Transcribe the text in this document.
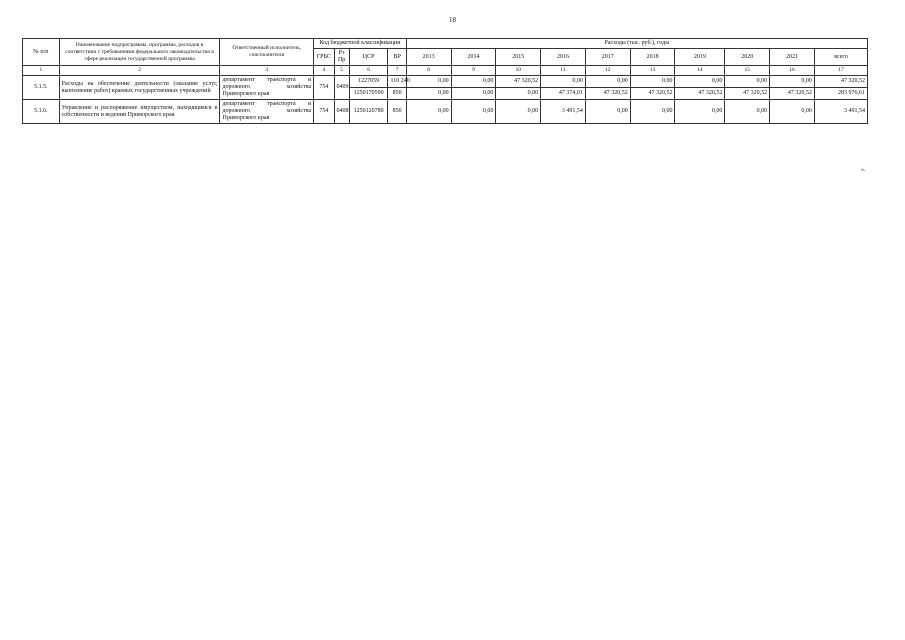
18
№ п/п	Наименование подпрограммы, программы, расходов в соответствии с требованиями федерального законодательства в сфере реализации государственной программы	Ответственный исполнитель, соисполнители	Код бюджетной классификации				Расходы (тыс. руб.), годы									
			ГРБС	Рз Пр	ЦСР	ВР	2013	2014	2015	2016	2017	2018	2019	2020	2021	всего
1	2	3	4	5	6	7	8	9	10	11	12	13	14	15	16	17
5.1.5.	Расходы на обеспечение деятельности (оказание услуг, выполнение работ) краевых государственных учреждений	департамент транспорта и дорожного хозяйства Приморского края	754	0409	1227059	110 240	0,00	0,00	47 320,52	0,00	0,00	0,00	0,00	0,00	0,00	47 320,52
					1250170590	850	0,00	0,00	0,00	47 374,01	47 320,52	47 320,52	47 320,52	47 320,52	47 320,52	283 976,61
5.1.6.	Управление и распоряжение имуществом, находящимся в собственности и ведении Приморского края	департамент транспорта и дорожного хозяйства Приморского края	754	0408	1250120780	850	0,00	0,00	0,00	3 491,54	0,00	0,00	0,00	0,00	0,00	3 491,54
».
